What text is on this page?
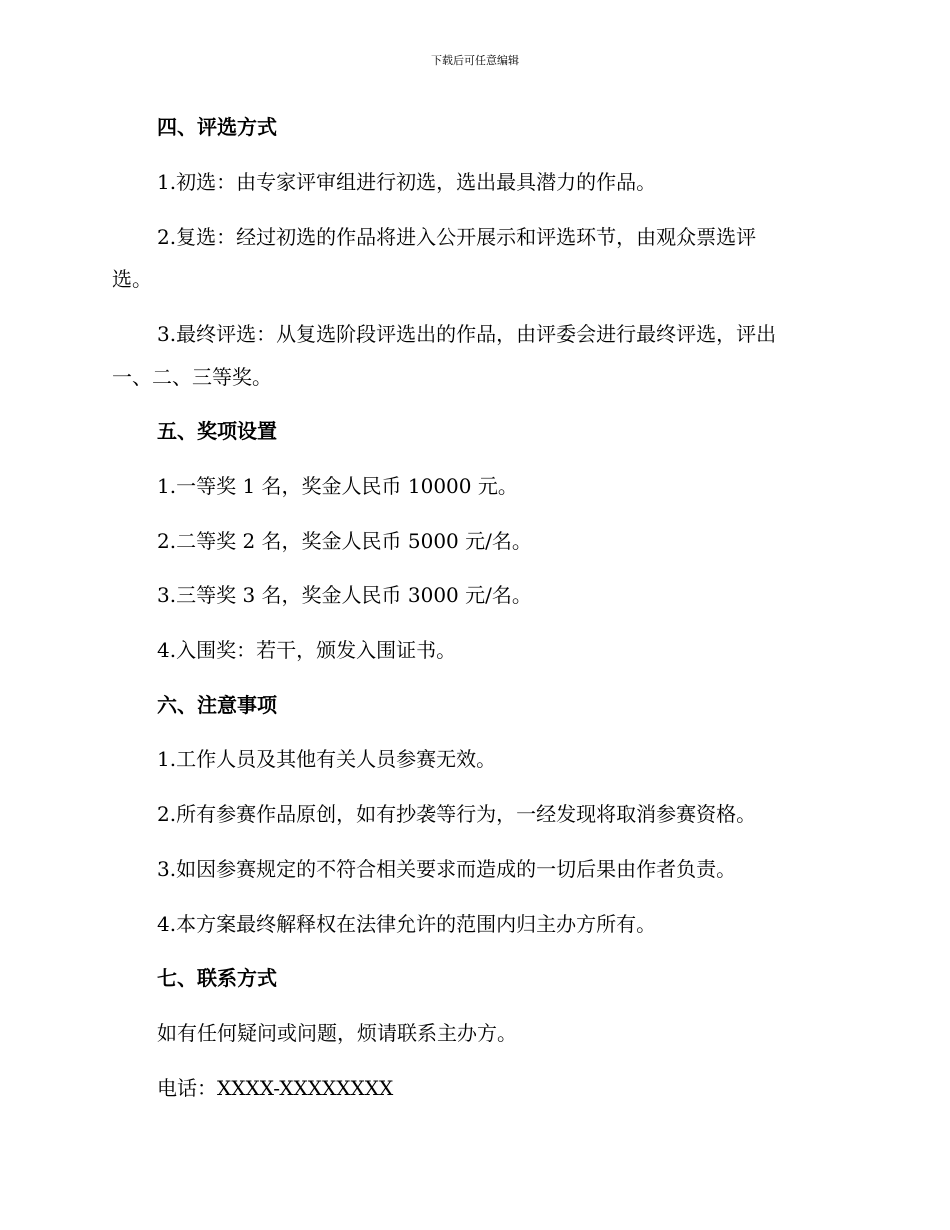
下载后可任意编辑
四、评选方式
1.初选：由专家评审组进行初选，选出最具潜力的作品。
2.复选：经过初选的作品将进入公开展示和评选环节，由观众票选评
选。
3.最终评选：从复选阶段评选出的作品，由评委会进行最终评选，评出
一、二、三等奖。
五、奖项设置
1.一等奖 1 名，奖金人民币 10000 元。
2.二等奖 2 名，奖金人民币 5000 元/名。
3.三等奖 3 名，奖金人民币 3000 元/名。
4.入围奖：若干，颁发入围证书。
六、注意事项
1.工作人员及其他有关人员参赛无效。
2.所有参赛作品原创，如有抄袭等行为，一经发现将取消参赛资格。
3.如因参赛规定的不符合相关要求而造成的一切后果由作者负责。
4.本方案最终解释权在法律允许的范围内归主办方所有。
七、联系方式
如有任何疑问或问题，烦请联系主办方。
电话：XXXX-XXXXXXXX
